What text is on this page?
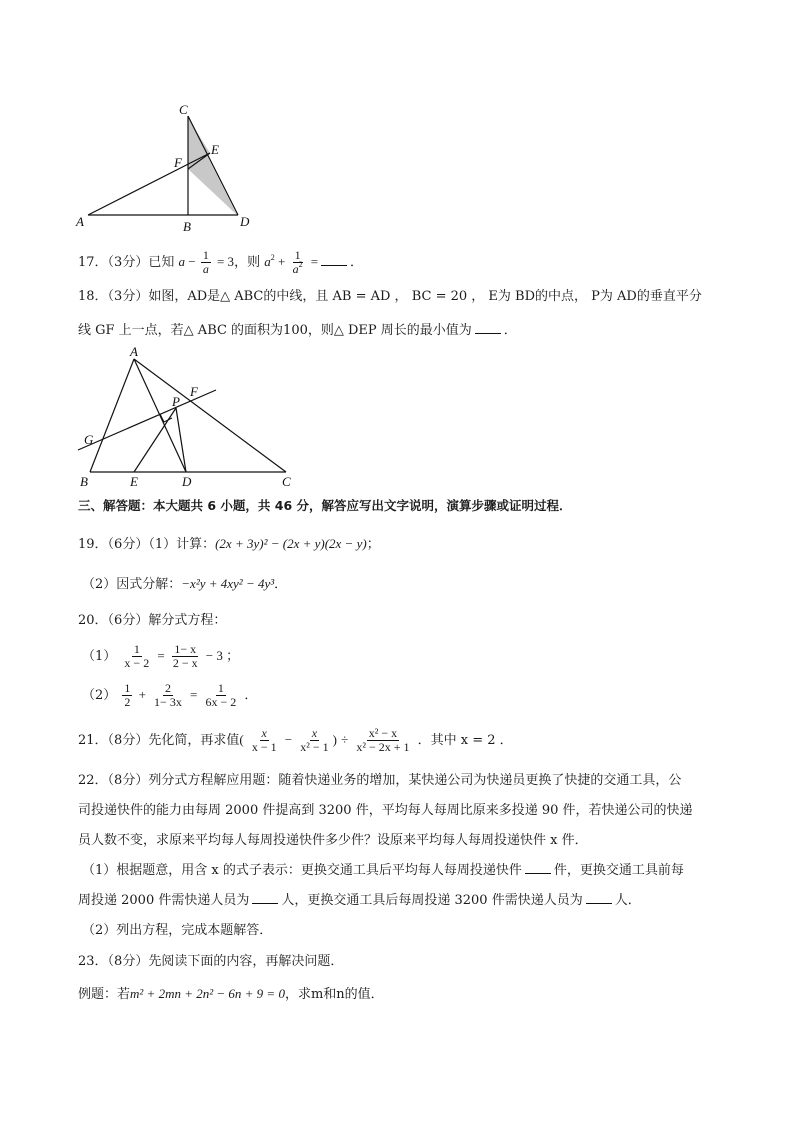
C
E
F
A	B	D
17．（3分）已知 $a - \frac{1}{a} = 3$，则 $a^2 + \frac{1}{a^2}$ = ．
18．（3分）如图，AD是△ ABC的中线，且 AB = AD ， BC = 20 ， E为 BD的中点， P为 AD的垂直平分
线 GF 上一点，若△ ABC 的面积为100，则△ DEP 周长的最小值为 ．
A
F
P
G
B	E	D	C
三、解答题：本大题共 6 小题，共 46 分，解答应写出文字说明，演算步骤或证明过程．
19．（6分）（1）计算：(2x + 3y)² − (2x + y)(2x − y)；
（2）因式分解：−x²y + 4xy² − 4y³．
20．（6分）解分式方程：
$(1) \frac{1}{x - 2} = \frac{1- x}{2 - x} - 3$ ；
$(2) \frac{1}{2} + \frac{2}{1- 3x} = \frac{1}{6x - 2}$ ．
21．（8分）先化简，再求值( $\frac{x}{x - 1} - \frac{x}{\text{x² − 1}}$ ) ÷ $\frac{\text{x² − x}}{\text{x² − 2x + 1}}$ ．其中 x = 2 ．
22．（8分）列分式方程解应用题：随着快递业务的增加，某快递公司为快递员更换了快捷的交通工具，公
司投递快件的能力由每周 2000 件提高到 3200 件，平均每人每周比原来多投递 90 件，若快递公司的快递
员人数不变，求原来平均每人每周投递快件多少件？设原来平均每人每周投递快件 x 件．
（1）根据题意，用含 x 的式子表示：更换交通工具后平均每人每周投递快件 件，更换交通工具前每
周投递 2000 件需快递人员为 人，更换交通工具后每周投递 3200 件需快递人员为 人．
（2）列出方程，完成本题解答．
23．（8分）先阅读下面的内容，再解决问题．
例题：若m² + 2mn + 2n² − 6n + 9 = 0，求m和n的值．
